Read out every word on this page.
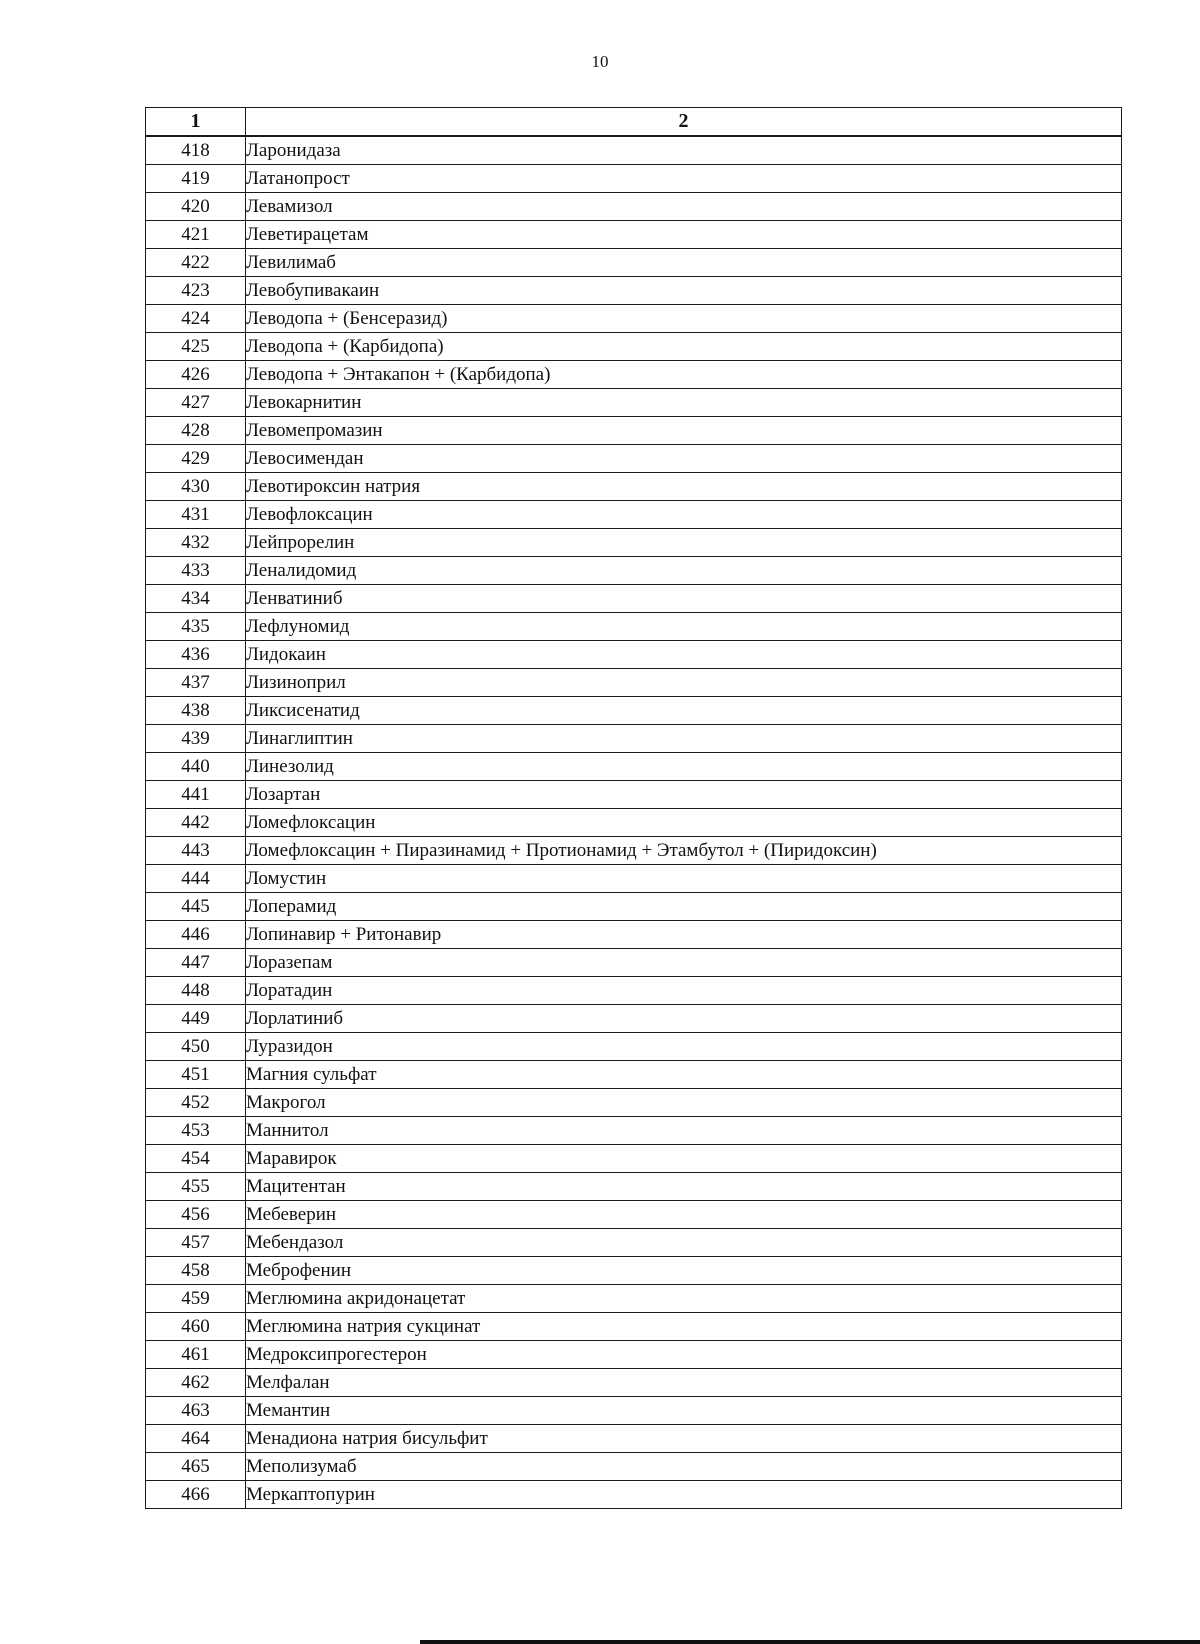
10
1	2
418	Ларонидаза
419	Латанопрост
420	Левамизол
421	Леветирацетам
422	Левилимаб
423	Левобупивакаин
424	Леводопа + (Бенсеразид)
425	Леводопа + (Карбидопа)
426	Леводопа + Энтакапон + (Карбидопа)
427	Левокарнитин
428	Левомепромазин
429	Левосимендан
430	Левотироксин натрия
431	Левофлоксацин
432	Лейпрорелин
433	Леналидомид
434	Ленватиниб
435	Лефлуномид
436	Лидокаин
437	Лизиноприл
438	Ликсисенатид
439	Линаглиптин
440	Линезолид
441	Лозартан
442	Ломефлоксацин
443	Ломефлоксацин + Пиразинамид + Протионамид + Этамбутол + (Пиридоксин)
444	Ломустин
445	Лоперамид
446	Лопинавир + Ритонавир
447	Лоразепам
448	Лоратадин
449	Лорлатиниб
450	Луразидон
451	Магния сульфат
452	Макрогол
453	Маннитол
454	Маравирок
455	Мацитентан
456	Мебеверин
457	Мебендазол
458	Меброфенин
459	Меглюмина акридонацетат
460	Меглюмина натрия сукцинат
461	Медроксипрогестерон
462	Мелфалан
463	Мемантин
464	Менадиона натрия бисульфит
465	Меполизумаб
466	Меркаптопурин
